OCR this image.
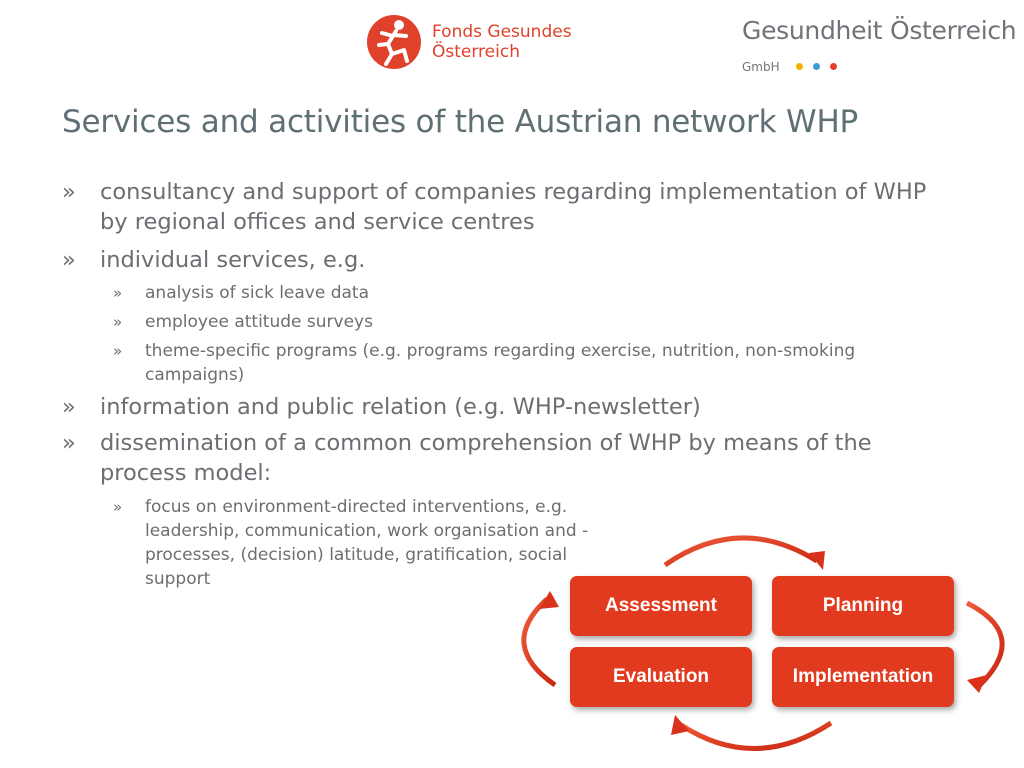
Fonds Gesundes
Österreich
Gesundheit Österreich
GmbH
Services and activities of the Austrian network WHP
» consultancy and support of companies regarding implementation of WHP by regional offices and service centres
» individual services, e.g.
» analysis of sick leave data
» employee attitude surveys
» theme-specific programs (e.g. programs regarding exercise, nutrition, non-smoking campaigns)
» information and public relation (e.g. WHP-newsletter)
» dissemination of a common comprehension of WHP by means of the process model:
» focus on environment-directed interventions, e.g. leadership, communication, work organisation and -processes, (decision) latitude, gratification, social support
Assessment	Planning
Evaluation	Implementation
